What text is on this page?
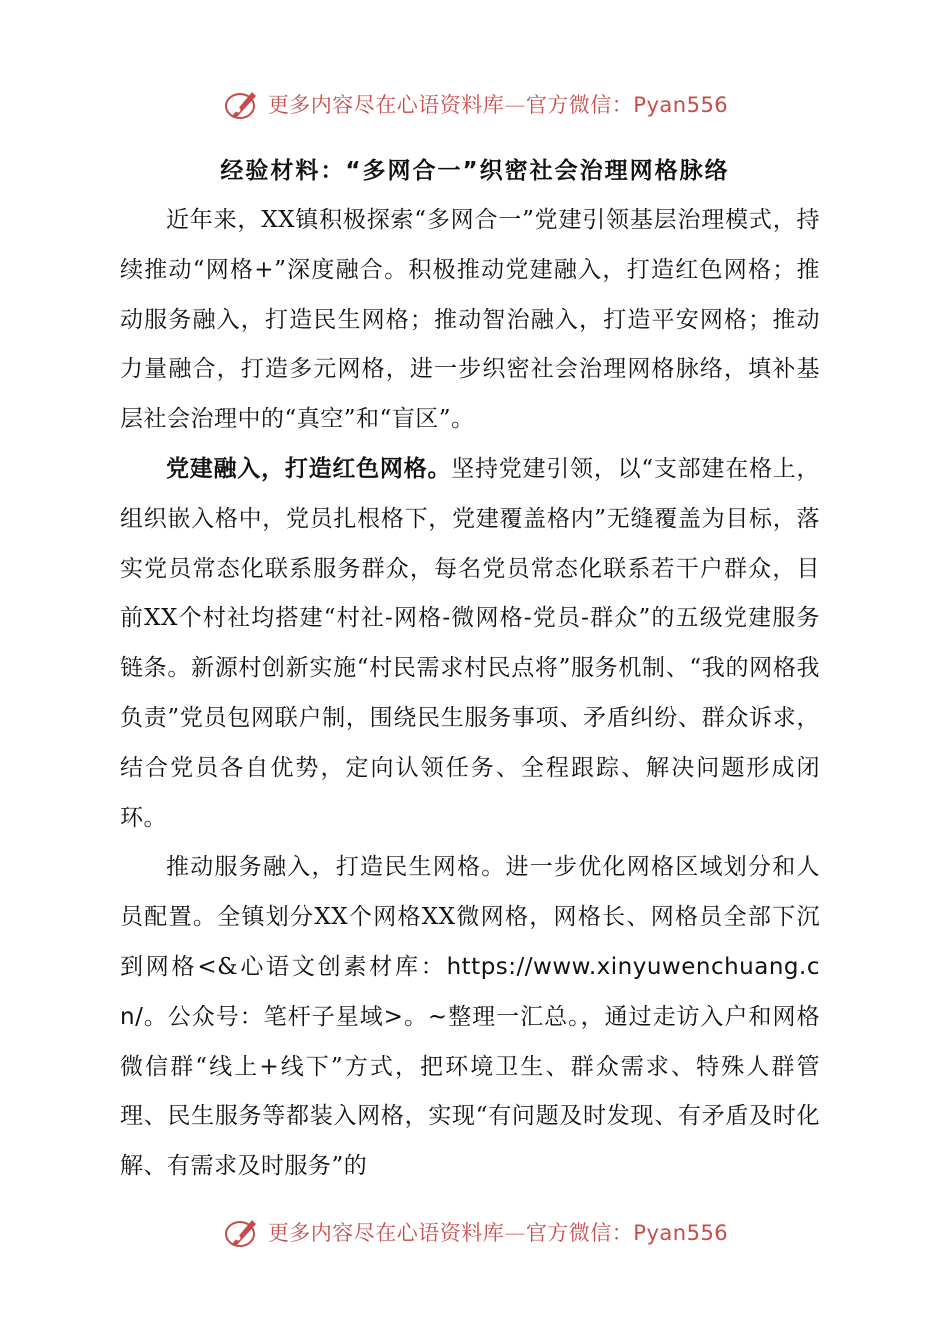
更多内容尽在心语资料库—官方微信：Pyan556
经验材料：“多网合一”织密社会治理网格脉络

近年来，XX镇积极探索“多网合一”党建引领基层治理模式，持续推动“网格+”深度融合。积极推动党建融入，打造红色网格；推动服务融入，打造民生网格；推动智治融入，打造平安网格；推动力量融合，打造多元网格，进一步织密社会治理网格脉络，填补基层社会治理中的“真空”和“盲区”。

党建融入，打造红色网格。坚持党建引领，以“支部建在格上，组织嵌入格中，党员扎根格下，党建覆盖格内”无缝覆盖为目标，落实党员常态化联系服务群众，每名党员常态化联系若干户群众，目前XX个村社均搭建“村社-网格-微网格-党员-群众”的五级党建服务链条。新源村创新实施“村民需求村民点将”服务机制、“我的网格我负责”党员包网联户制，围绕民生服务事项、矛盾纠纷、群众诉求，结合党员各自优势，定向认领任务、全程跟踪、解决问题形成闭环。

推动服务融入，打造民生网格。进一步优化网格区域划分和人员配置。全镇划分XX个网格XX微网格，网格长、网格员全部下沉到网格<&心语文创素材库：https://www.xinyuwenchuang.cn/。公众号：笔杆子星域>。~整理一汇总。，通过走访入户和网格微信群“线上+线下”方式，把环境卫生、群众需求、特殊人群管理、民生服务等都装入网格，实现“有问题及时发现、有矛盾及时化解、有需求及时服务”的

更多内容尽在心语资料库—官方微信：Pyan556
